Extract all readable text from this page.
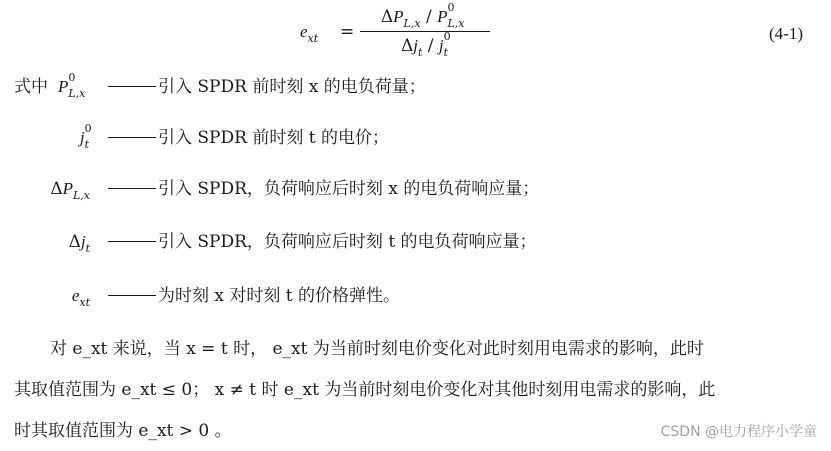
$e_{xt}$ =
$\Delta P_{L,x}$ / P 0
L,x

$\Delta j_t$ / j 0
t

(4-1)
式中 P 0
L,x
	引入 SPDR 前时刻 x 的电负荷量；
j 0
t
	引入 SPDR 前时刻 t 的电价；
$\Delta P_{L,x}$	引入 SPDR，负荷响应后时刻 x 的电负荷响应量；
$\Delta j_t$	引入 SPDR，负荷响应后时刻 t 的电负荷响应量；
$e_{xt}$	为时刻 x 对时刻 t 的价格弹性。
对 e_xt 来说，当 x = t 时， e_xt 为当前时刻电价变化对此时刻用电需求的影响，此时
其取值范围为 e_xt ≤ 0； x ≠ t 时 e_xt 为当前时刻电价变化对其他时刻用电需求的影响，此
时其取值范围为 e_xt > 0 。	CSDN @电力程序小学童
